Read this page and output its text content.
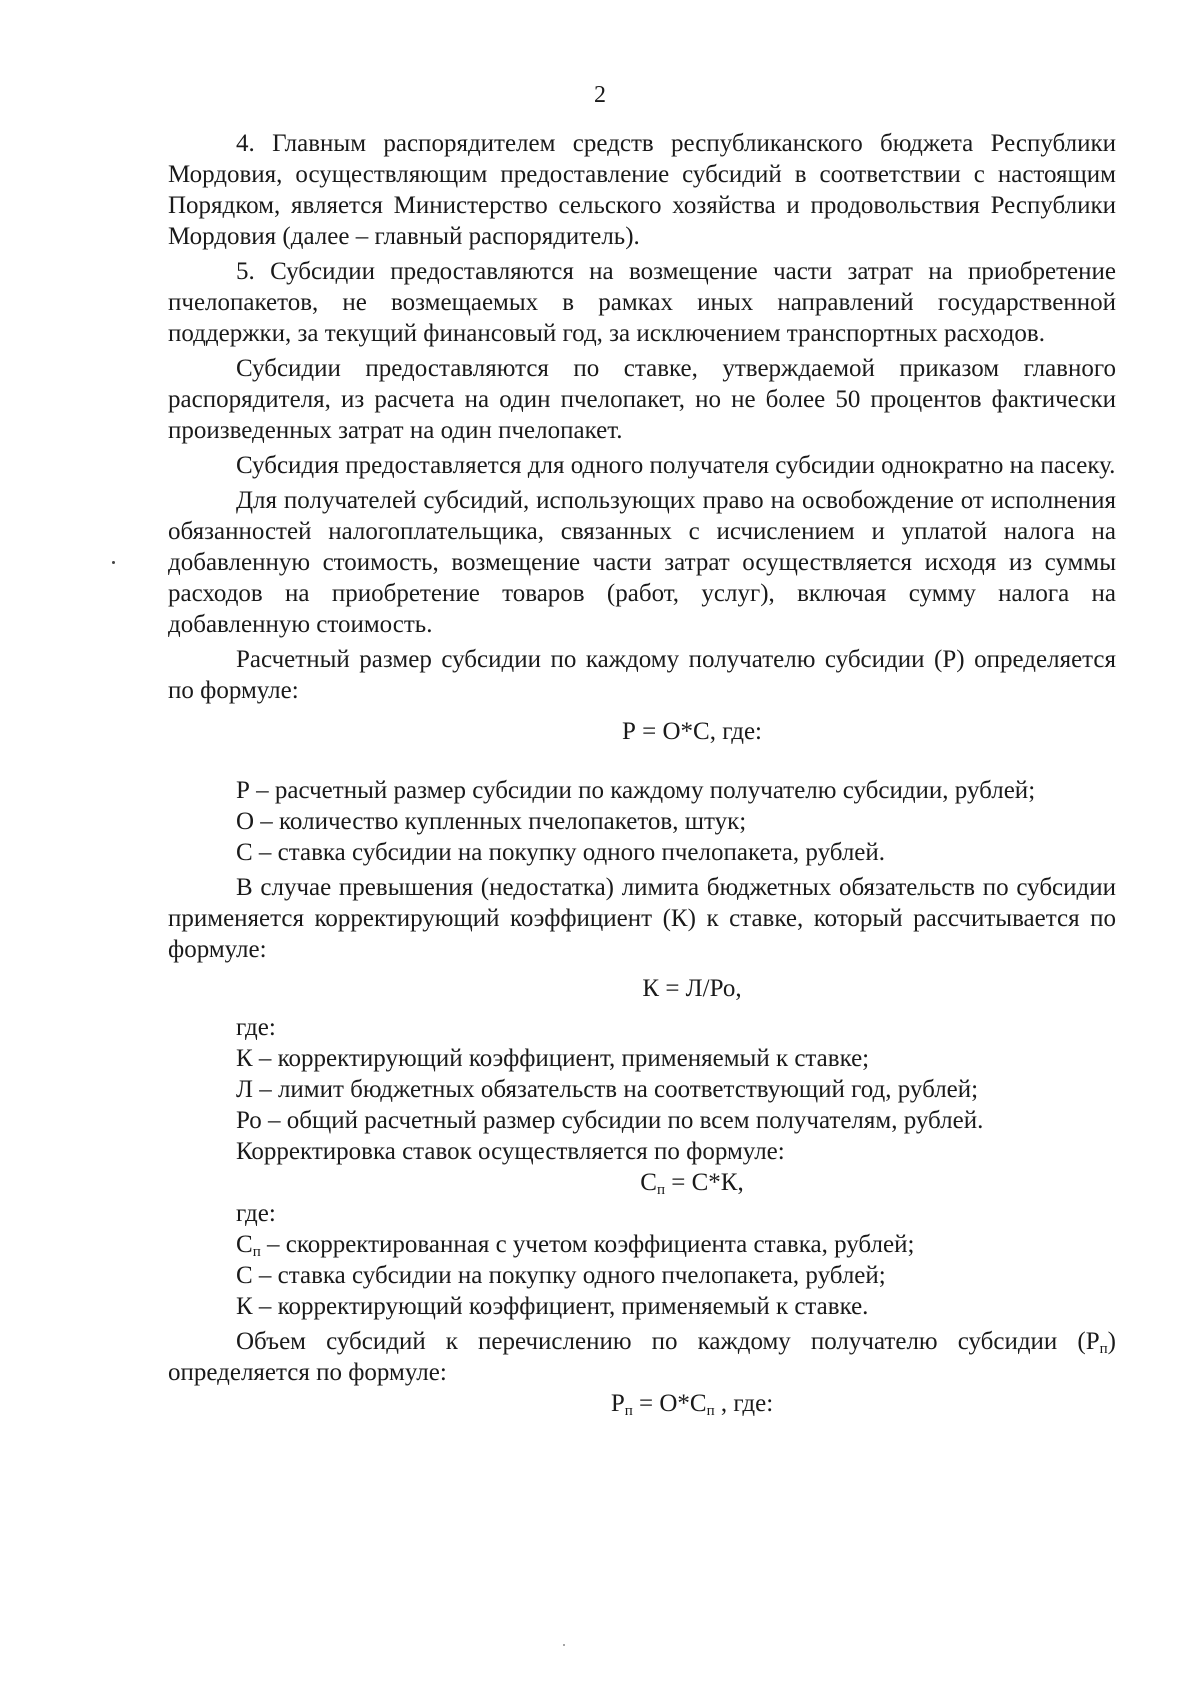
2

4. Главным распорядителем средств республиканского бюджета Республики Мордовия, осуществляющим предоставление субсидий в соответствии с настоящим Порядком, является Министерство сельского хозяйства и продовольствия Республики Мордовия (далее – главный распорядитель).

5. Субсидии предоставляются на возмещение части затрат на приобретение пчелопакетов, не возмещаемых в рамках иных направлений государственной поддержки, за текущий финансовый год, за исключением транспортных расходов.

Субсидии предоставляются по ставке, утверждаемой приказом главного распорядителя, из расчета на один пчелопакет, но не более 50 процентов фактически произведенных затрат на один пчелопакет.

Субсидия предоставляется для одного получателя субсидии однократно на пасеку.

Для получателей субсидий, использующих право на освобождение от исполнения обязанностей налогоплательщика, связанных с исчислением и уплатой налога на добавленную стоимость, возмещение части затрат осуществляется исходя из суммы расходов на приобретение товаров (работ, услуг), включая сумму налога на добавленную стоимость.

Расчетный размер субсидии по каждому получателю субсидии (Р) определяется по формуле:

Р = О*С, где:

Р – расчетный размер субсидии по каждому получателю субсидии, рублей;

О – количество купленных пчелопакетов, штук;

С – ставка субсидии на покупку одного пчелопакета, рублей.

В случае превышения (недостатка) лимита бюджетных обязательств по субсидии применяется корректирующий коэффициент (К) к ставке, который рассчитывается по формуле:

К = Л/Ро,

где:

К – корректирующий коэффициент, применяемый к ставке;

Л – лимит бюджетных обязательств на соответствующий год, рублей;

Ро – общий расчетный размер субсидии по всем получателям, рублей.

Корректировка ставок осуществляется по формуле:

$С_п = С*К$,

где:

$С_п$ – скорректированная с учетом коэффициента ставка, рублей;

С – ставка субсидии на покупку одного пчелопакета, рублей;

К – корректирующий коэффициент, применяемый к ставке.

Объем субсидий к перечислению по каждому получателю субсидии $(Р_п)$ определяется по формуле:

$Р_п = О*С_п$ , где:
